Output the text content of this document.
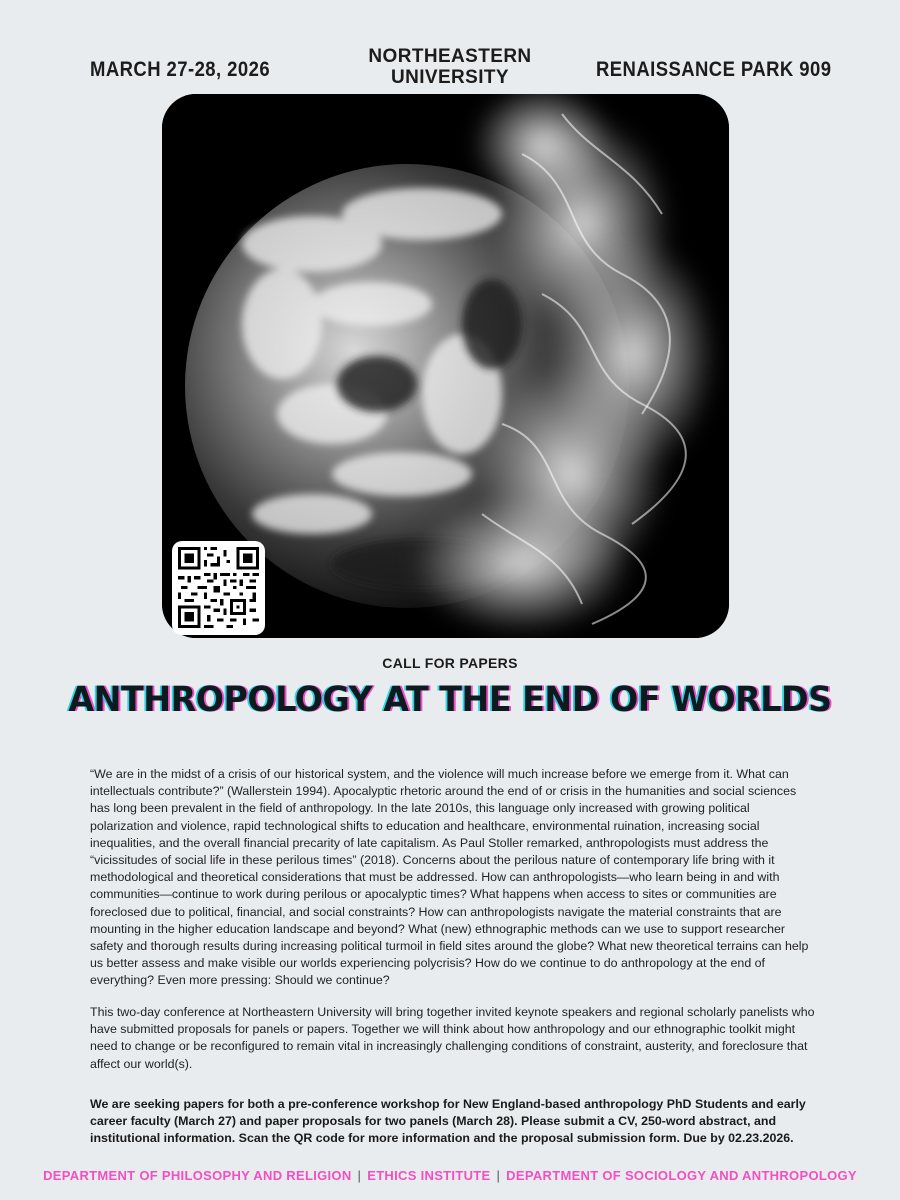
MARCH 27-28, 2026
NORTHEASTERN
UNIVERSITY	RENAISSANCE PARK 909
CALL FOR PAPERS
ANTHROPOLOGY AT THE END OF WORLDS

“We are in the midst of a crisis of our historical system, and the violence will much increase before we emerge from it. What can intellectuals contribute?” (Wallerstein 1994). Apocalyptic rhetoric around the end of or crisis in the humanities and social sciences has long been prevalent in the field of anthropology. In the late 2010s, this language only increased with growing political polarization and violence, rapid technological shifts to education and healthcare, environmental ruination, increasing social inequalities, and the overall financial precarity of late capitalism. As Paul Stoller remarked, anthropologists must address the “vicissitudes of social life in these perilous times” (2018). Concerns about the perilous nature of contemporary life bring with it methodological and theoretical considerations that must be addressed. How can anthropologists—who learn being in and with communities—continue to work during perilous or apocalyptic times? What happens when access to sites or communities are foreclosed due to political, financial, and social constraints? How can anthropologists navigate the material constraints that are mounting in the higher education landscape and beyond? What (new) ethnographic methods can we use to support researcher safety and thorough results during increasing political turmoil in field sites around the globe? What new theoretical terrains can help us better assess and make visible our worlds experiencing polycrisis? How do we continue to do anthropology at the end of everything? Even more pressing: Should we continue?

This two-day conference at Northeastern University will bring together invited keynote speakers and regional scholarly panelists who have submitted proposals for panels or papers. Together we will think about how anthropology and our ethnographic toolkit might need to change or be reconfigured to remain vital in increasingly challenging conditions of constraint, austerity, and foreclosure that affect our world(s).

We are seeking papers for both a pre-conference workshop for New England-based anthropology PhD Students and early career faculty (March 27) and paper proposals for two panels (March 28). Please submit a CV, 250-word abstract, and institutional information. Scan the QR code for more information and the proposal submission form. Due by 02.23.2026.

DEPARTMENT OF PHILOSOPHY AND RELIGION | ETHICS INSTITUTE | DEPARTMENT OF SOCIOLOGY AND ANTHROPOLOGY
